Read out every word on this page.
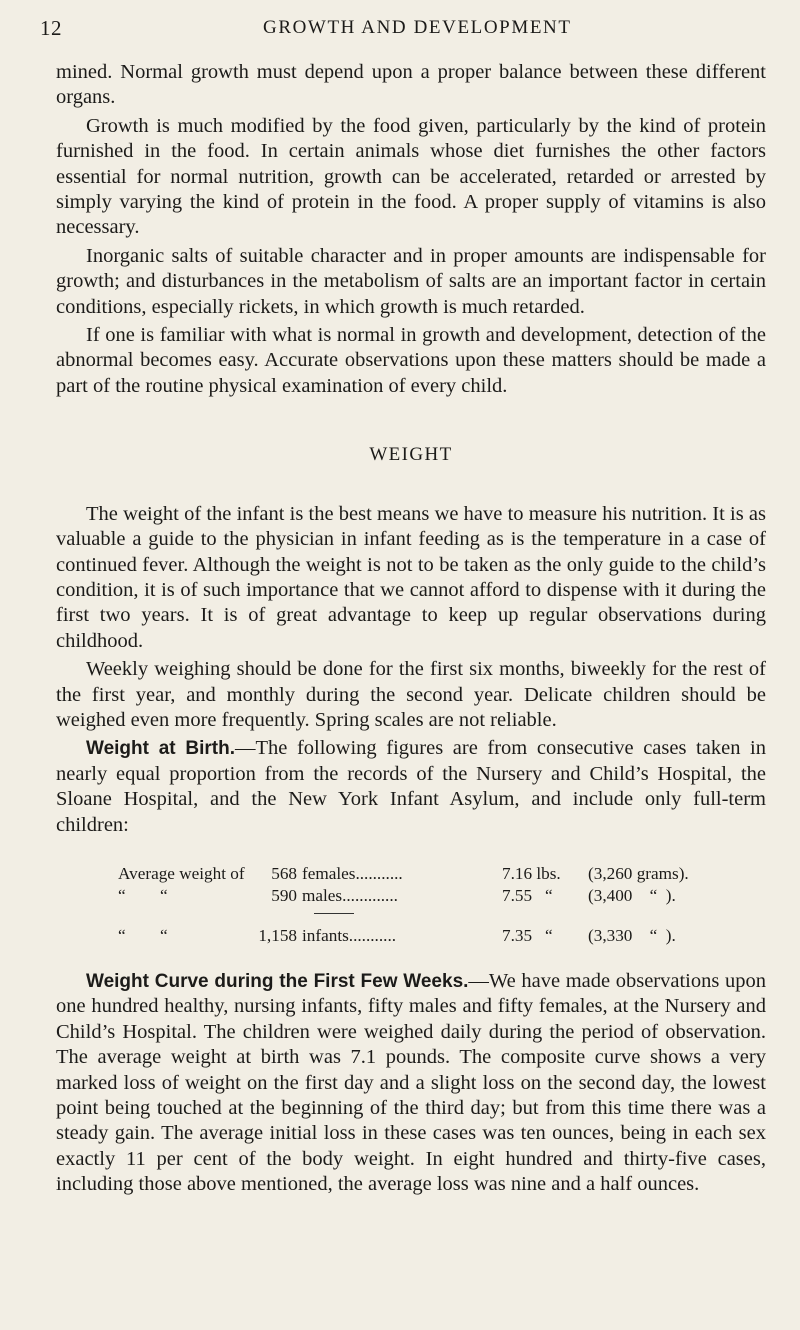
12	GROWTH AND DEVELOPMENT

mined. Normal growth must depend upon a proper balance between these different organs.

Growth is much modified by the food given, particularly by the kind of protein furnished in the food. In certain animals whose diet furnishes the other factors essential for normal nutrition, growth can be accelerated, retarded or arrested by simply varying the kind of protein in the food. A proper supply of vitamins is also necessary.

Inorganic salts of suitable character and in proper amounts are indispensable for growth; and disturbances in the metabolism of salts are an important factor in certain conditions, especially rickets, in which growth is much retarded.

If one is familiar with what is normal in growth and development, detection of the abnormal becomes easy. Accurate observations upon these matters should be made a part of the routine physical examination of every child.

WEIGHT

The weight of the infant is the best means we have to measure his nutrition. It is as valuable a guide to the physician in infant feeding as is the temperature in a case of continued fever. Although the weight is not to be taken as the only guide to the child’s condition, it is of such importance that we cannot afford to dispense with it during the first two years. It is of great advantage to keep up regular observations during childhood.

Weekly weighing should be done for the first six months, biweekly for the rest of the first year, and monthly during the second year. Delicate children should be weighed even more frequently. Spring scales are not reliable.

Weight at Birth.—The following figures are from consecutive cases taken in nearly equal proportion from the records of the Nursery and Child’s Hospital, the Sloane Hospital, and the New York Infant Asylum, and include only full-term children:

Average weight of	568 females...........	7.16 lbs.	(3,260 grams).
“        “	590 males.............	7.55   “	(3,400    “  ).
“        “	1,158 infants...........	7.35   “	(3,330    “  ).

Weight Curve during the First Few Weeks.—We have made observations upon one hundred healthy, nursing infants, fifty males and fifty females, at the Nursery and Child’s Hospital. The children were weighed daily during the period of observation. The average weight at birth was 7.1 pounds. The composite curve shows a very marked loss of weight on the first day and a slight loss on the second day, the lowest point being touched at the beginning of the third day; but from this time there was a steady gain. The average initial loss in these cases was ten ounces, being in each sex exactly 11 per cent of the body weight. In eight hundred and thirty-five cases, including those above mentioned, the average loss was nine and a half ounces.
